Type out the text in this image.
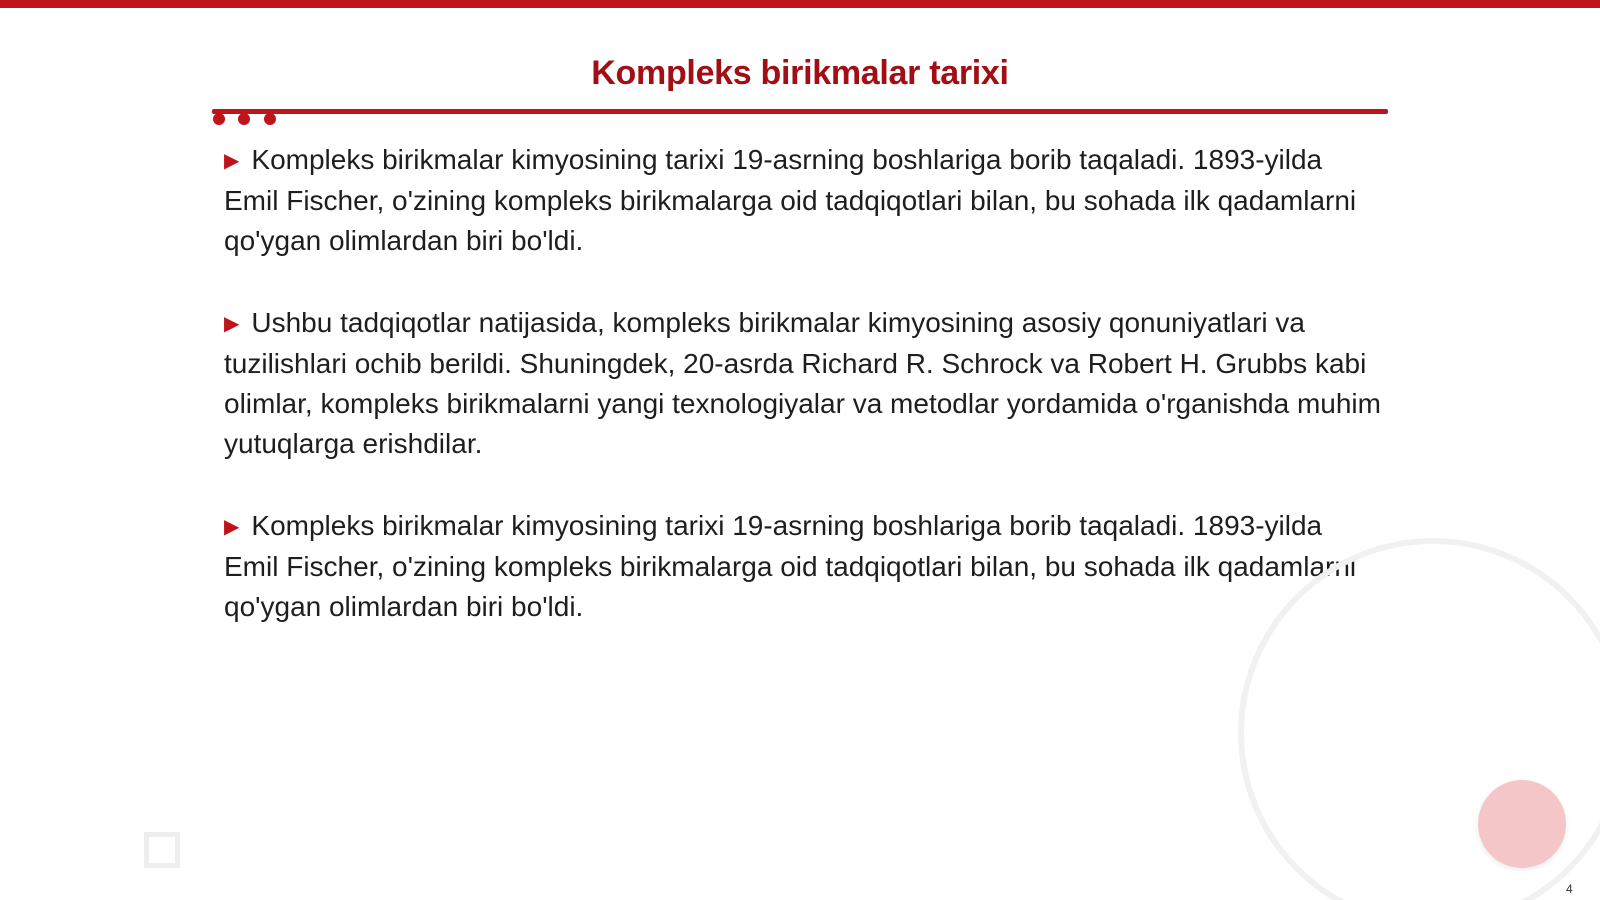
Kompleks birikmalar tarixi

▶ Kompleks birikmalar kimyosining tarixi 19-asrning boshlariga borib taqaladi. 1893-yilda Emil Fischer, o'zining kompleks birikmalarga oid tadqiqotlari bilan, bu sohada ilk qadamlarni qo'ygan olimlardan biri bo'ldi.

▶ Ushbu tadqiqotlar natijasida, kompleks birikmalar kimyosining asosiy qonuniyatlari va tuzilishlari ochib berildi. Shuningdek, 20-asrda Richard R. Schrock va Robert H. Grubbs kabi olimlar, kompleks birikmalarni yangi texnologiyalar va metodlar yordamida o'rganishda muhim yutuqlarga erishdilar.

▶ Kompleks birikmalar kimyosining tarixi 19-asrning boshlariga borib taqaladi. 1893-yilda Emil Fischer, o'zining kompleks birikmalarga oid tadqiqotlari bilan, bu sohada ilk qadamlarni qo'ygan olimlardan biri bo'ldi.

4
